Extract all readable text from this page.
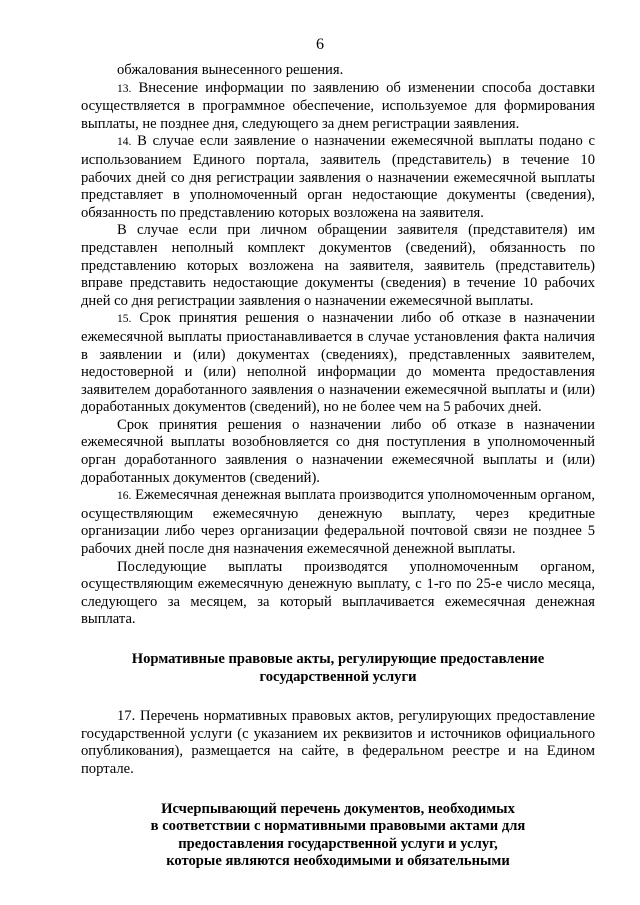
6

обжалования вынесенного решения.

13. Внесение информации по заявлению об изменении способа доставки осуществляется в программное обеспечение, используемое для формирования выплаты, не позднее дня, следующего за днем регистрации заявления.

14. В случае если заявление о назначении ежемесячной выплаты подано с использованием Единого портала, заявитель (представитель) в течение 10 рабочих дней со дня регистрации заявления о назначении ежемесячной выплаты представляет в уполномоченный орган недостающие документы (сведения), обязанность по представлению которых возложена на заявителя.

В случае если при личном обращении заявителя (представителя) им представлен неполный комплект документов (сведений), обязанность по представлению которых возложена на заявителя, заявитель (представитель) вправе представить недостающие документы (сведения) в течение 10 рабочих дней со дня регистрации заявления о назначении ежемесячной выплаты.

15. Срок принятия решения о назначении либо об отказе в назначении ежемесячной выплаты приостанавливается в случае установления факта наличия в заявлении и (или) документах (сведениях), представленных заявителем, недостоверной и (или) неполной информации до момента предоставления заявителем доработанного заявления о назначении ежемесячной выплаты и (или) доработанных документов (сведений), но не более чем на 5 рабочих дней.

Срок принятия решения о назначении либо об отказе в назначении ежемесячной выплаты возобновляется со дня поступления в уполномоченный орган доработанного заявления о назначении ежемесячной выплаты и (или) доработанных документов (сведений).

16. Ежемесячная денежная выплата производится уполномоченным органом, осуществляющим ежемесячную денежную выплату, через кредитные организации либо через организации федеральной почтовой связи не позднее 5 рабочих дней после дня назначения ежемесячной денежной выплаты.

Последующие выплаты производятся уполномоченным органом, осуществляющим ежемесячную денежную выплату, с 1-го по 25-е число месяца, следующего за месяцем, за который выплачивается ежемесячная денежная выплата.

Нормативные правовые акты, регулирующие предоставление
государственной услуги

17. Перечень нормативных правовых актов, регулирующих предоставление государственной услуги (с указанием их реквизитов и источников официального опубликования), размещается на сайте, в федеральном реестре и на Едином портале.

Исчерпывающий перечень документов, необходимых
в соответствии с нормативными правовыми актами для
предоставления государственной услуги и услуг,
которые являются необходимыми и обязательными
